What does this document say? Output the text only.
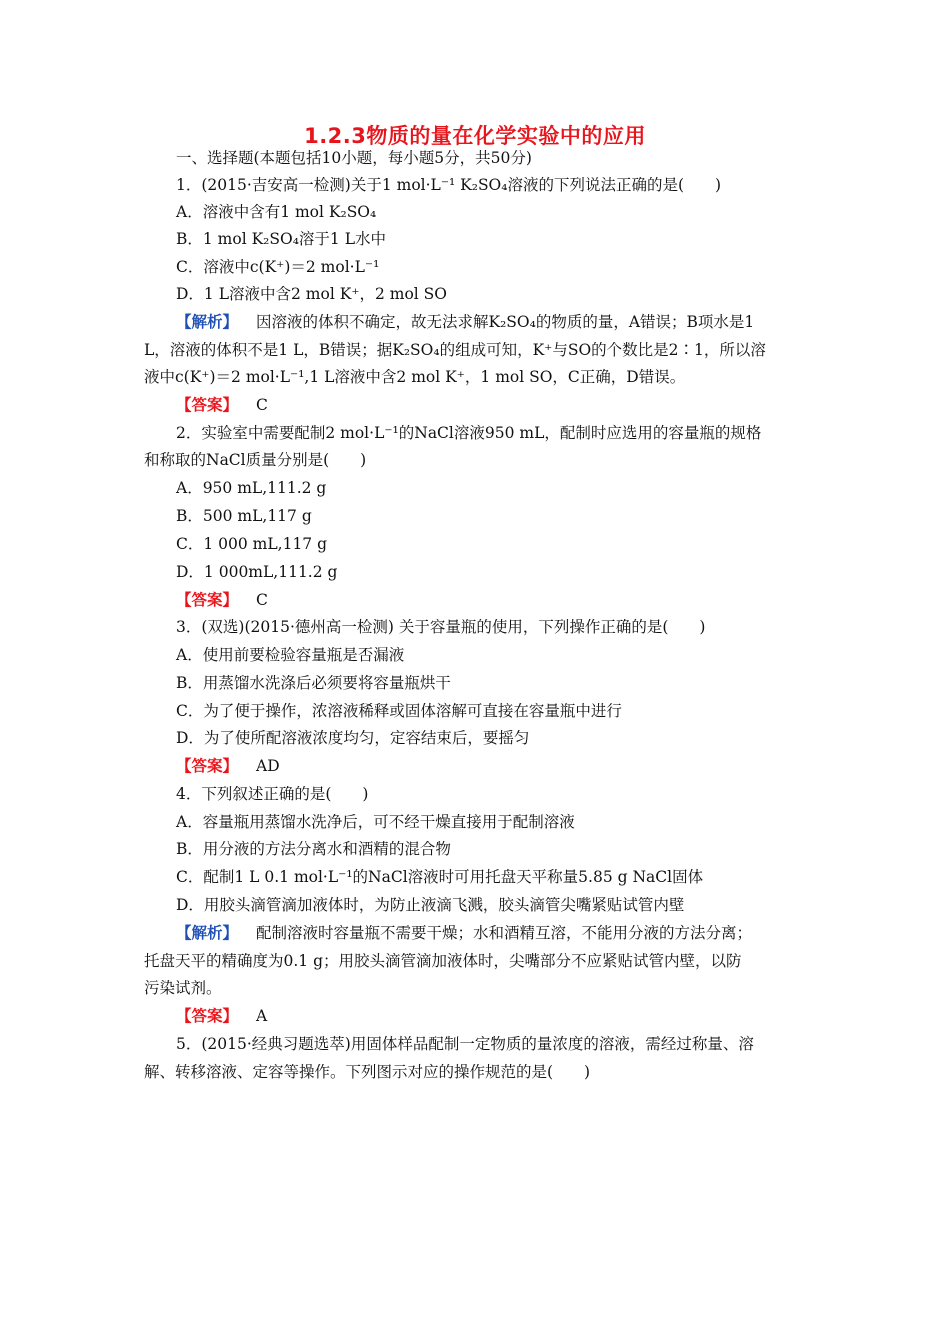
1.2.3物质的量在化学实验中的应用
一、选择题(本题包括10小题，每小题5分，共50分)
1．(2015·吉安高一检测)关于1 mol·L⁻¹ K₂SO₄溶液的下列说法正确的是(　　)
A．溶液中含有1 mol K₂SO₄
B．1 mol K₂SO₄溶于1 L水中
C．溶液中c(K⁺)＝2 mol·L⁻¹
D．1 L溶液中含2 mol K⁺，2 mol SO
【解析】 因溶液的体积不确定，故无法求解K₂SO₄的物质的量，A错误；B项水是1
L，溶液的体积不是1 L，B错误；据K₂SO₄的组成可知，K⁺与SO的个数比是2∶1，所以溶
液中c(K⁺)＝2 mol·L⁻¹,1 L溶液中含2 mol K⁺，1 mol SO，C正确，D错误。
【答案】 C
2．实验室中需要配制2 mol·L⁻¹的NaCl溶液950 mL，配制时应选用的容量瓶的规格
和称取的NaCl质量分别是(　　)
A．950 mL,111.2 g
B．500 mL,117 g
C．1 000 mL,117 g
D．1 000mL,111.2 g
【答案】 C
3．(双选)(2015·德州高一检测) 关于容量瓶的使用，下列操作正确的是(　　)
A．使用前要检验容量瓶是否漏液
B．用蒸馏水洗涤后必须要将容量瓶烘干
C．为了便于操作，浓溶液稀释或固体溶解可直接在容量瓶中进行
D．为了使所配溶液浓度均匀，定容结束后，要摇匀
【答案】 AD
4．下列叙述正确的是(　　)
A．容量瓶用蒸馏水洗净后，可不经干燥直接用于配制溶液
B．用分液的方法分离水和酒精的混合物
C．配制1 L 0.1 mol·L⁻¹的NaCl溶液时可用托盘天平称量5.85 g NaCl固体
D．用胶头滴管滴加液体时，为防止液滴飞溅，胶头滴管尖嘴紧贴试管内壁
【解析】 配制溶液时容量瓶不需要干燥；水和酒精互溶，不能用分液的方法分离；
托盘天平的精确度为0.1 g；用胶头滴管滴加液体时，尖嘴部分不应紧贴试管内壁，以防
污染试剂。
【答案】 A
5．(2015·经典习题选萃)用固体样品配制一定物质的量浓度的溶液，需经过称量、溶
解、转移溶液、定容等操作。下列图示对应的操作规范的是(　　)
